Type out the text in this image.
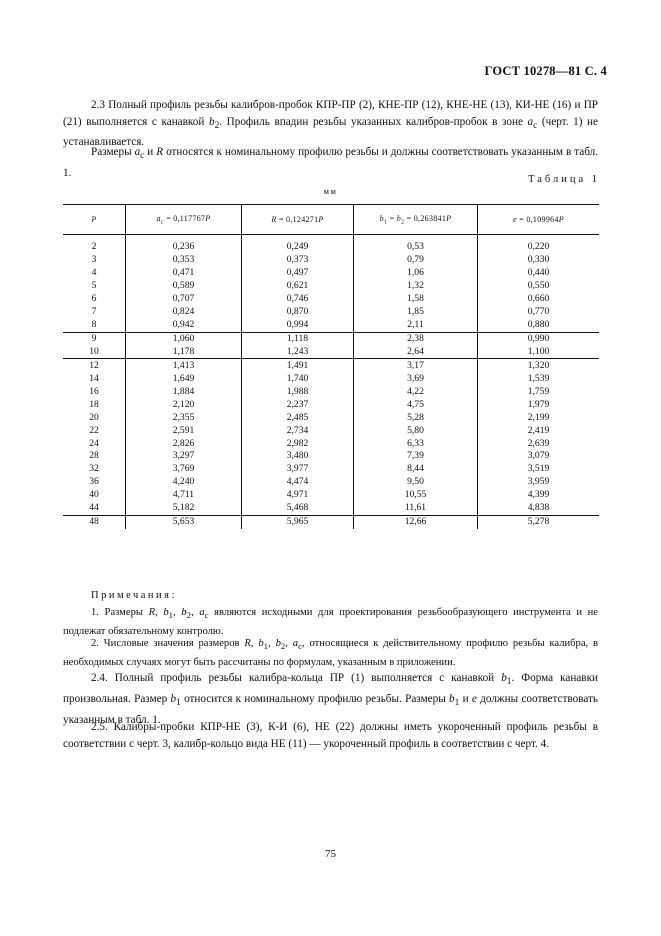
ГОСТ 10278—81 С. 4
2.3 Полный профиль резьбы калибров-пробок КПР-ПР (2), КНЕ-ПР (12), КНЕ-НЕ (13), КИ-НЕ (16) и ПР (21) выполняется с канавкой $b_2$. Профиль впадин резьбы указанных калибров-пробок в зоне $a_c$ (черт. 1) не устанавливается.
Размеры $a_c$ и R относятся к номинальному профилю резьбы и должны соответствовать указанным в табл. 1.
Таблица 1
мм
P	$a_c = 0,117767P$	R = 0,124271P	$b_1 = b_2 = 0,263841P$	e = 0,109964P
2	0,236	0,249	0,53	0,220
3	0,353	0,373	0,79	0,330
4	0,471	0,497	1,06	0,440
5	0,589	0,621	1,32	0,550
6	0,707	0,746	1,58	0,660
7	0,824	0,870	1,85	0,770
8	0,942	0,994	2,11	0,880
9	1,060	1,118	2,38	0,990
10	1,178	1,243	2,64	1,100
12	1,413	1,491	3,17	1,320
14	1,649	1,740	3,69	1,539
16	1,884	1,988	4,22	1,759
18	2,120	2,237	4,75	1,979
20	2,355	2,485	5,28	2,199
22	2,591	2,734	5,80	2,419
24	2,826	2,982	6,33	2,639
28	3,297	3,480	7,39	3,079
32	3,769	3,977	8,44	3,519
36	4,240	4,474	9,50	3,959
40	4,711	4,971	10,55	4,399
44	5,182	5,468	11,61	4,838
48	5,653	5,965	12,66	5,278
Примечания:
1. Размеры R, $b_1$, $b_2$, $a_c$ являются исходными для проектирования резьбообразующего инструмента и не подлежат обязательному контролю.
2. Числовые значения размеров R, $b_1$, $b_2$, $a_c$, относящиеся к действительному профилю резьбы калибра, в необходимых случаях могут быть рассчитаны по формулам, указанным в приложении.
2.4. Полный профиль резьбы калибра-кольца ПР (1) выполняется с канавкой $b_1$. Форма канавки произвольная. Размер $b_1$ относится к номинальному профилю резьбы. Размеры $b_1$ и e должны соответствовать указанным в табл. 1.
2.5. Калибры-пробки КПР-НЕ (3), К-И (6), НЕ (22) должны иметь укороченный профиль резьбы в соответствии с черт. 3, калибр-кольцо вида НЕ (11) — укороченный профиль в соответствии с черт. 4.
75
